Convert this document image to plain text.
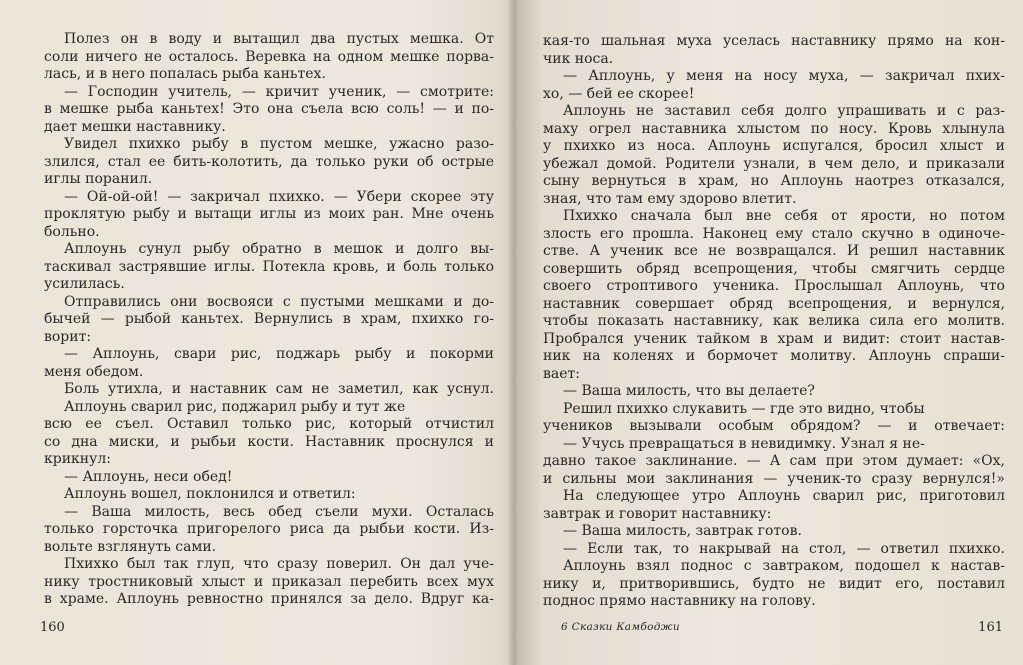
Полез он в воду и вытащил два пустых мешка. От
соли ничего не осталось. Веревка на одном мешке порва-
лась, и в него попалась рыба каньтех.
— Господин учитель, — кричит ученик, — смотрите:
в мешке рыба каньтех! Это она съела всю соль! — и по-
дает мешки наставнику.
Увидел пхихко рыбу в пустом мешке, ужасно разо-
злился, стал ее бить-колотить, да только руки об острые
иглы поранил.
— Ой-ой-ой! — закричал пхихко. — Убери скорее эту
проклятую рыбу и вытащи иглы из моих ран. Мне очень
больно.
Аплоунь сунул рыбу обратно в мешок и долго вы-
таскивал застрявшие иглы. Потекла кровь, и боль только
усилилась.
Отправились они восвояси с пустыми мешками и до-
бычей — рыбой каньтех. Вернулись в храм, пхихко го-
ворит:
— Аплоунь, свари рис, поджарь рыбу и покорми
меня обедом.
Боль утихла, и наставник сам не заметил, как уснул.
Аплоунь сварил рис, поджарил рыбу и тут же
всю ее съел. Оставил только рис, который отчистил
со дна миски, и рыбьи кости. Наставник проснулся и
крикнул:
— Аплоунь, неси обед!
Аплоунь вошел, поклонился и ответил:
— Ваша милость, весь обед съели мухи. Осталась
только горсточка пригорелого риса да рыбьи кости. Из-
вольте взглянуть сами.
Пхихко был так глуп, что сразу поверил. Он дал уче-
нику тростниковый хлыст и приказал перебить всех мух
в храме. Аплоунь ревностно принялся за дело. Вдруг ка-
160
кая-то шальная муха уселась наставнику прямо на кон-
чик носа.
— Аплоунь, у меня на носу муха, — закричал пхих-
хо, — бей ее скорее!
Аплоунь не заставил себя долго упрашивать и с раз-
маху огрел наставника хлыстом по носу. Кровь хлынула
у пхихко из носа. Аплоунь испугался, бросил хлыст и
убежал домой. Родители узнали, в чем дело, и приказали
сыну вернуться в храм, но Аплоунь наотрез отказался,
зная, что там ему здорово влетит.
Пхихко сначала был вне себя от ярости, но потом
злость его прошла. Наконец ему стало скучно в одиноче-
стве. А ученик все не возвращался. И решил наставник
совершить обряд всепрощения, чтобы смягчить сердце
своего строптивого ученика. Прослышал Аплоунь, что
наставник совершает обряд всепрощения, и вернулся,
чтобы показать наставнику, как велика сила его молитв.
Пробрался ученик тайком в храм и видит: стоит настав-
ник на коленях и бормочет молитву. Аплоунь спраши-
вает:
— Ваша милость, что вы делаете?
Решил пхихко слукавить — где это видно, чтобы
учеников вызывали особым обрядом? — и отвечает:
— Учусь превращаться в невидимку. Узнал я не-
давно такое заклинание. — А сам при этом думает: «Ох,
и сильны мои заклинания — ученик-то сразу вернулся!»
На следующее утро Аплоунь сварил рис, приготовил
завтрак и говорит наставнику:
— Ваша милость, завтрак готов.
— Если так, то накрывай на стол, — ответил пхихко.
Аплоунь взял поднос с завтраком, подошел к настав-
нику и, притворившись, будто не видит его, поставил
поднос прямо наставнику на голову.
6 Сказки Камбоджи	161
